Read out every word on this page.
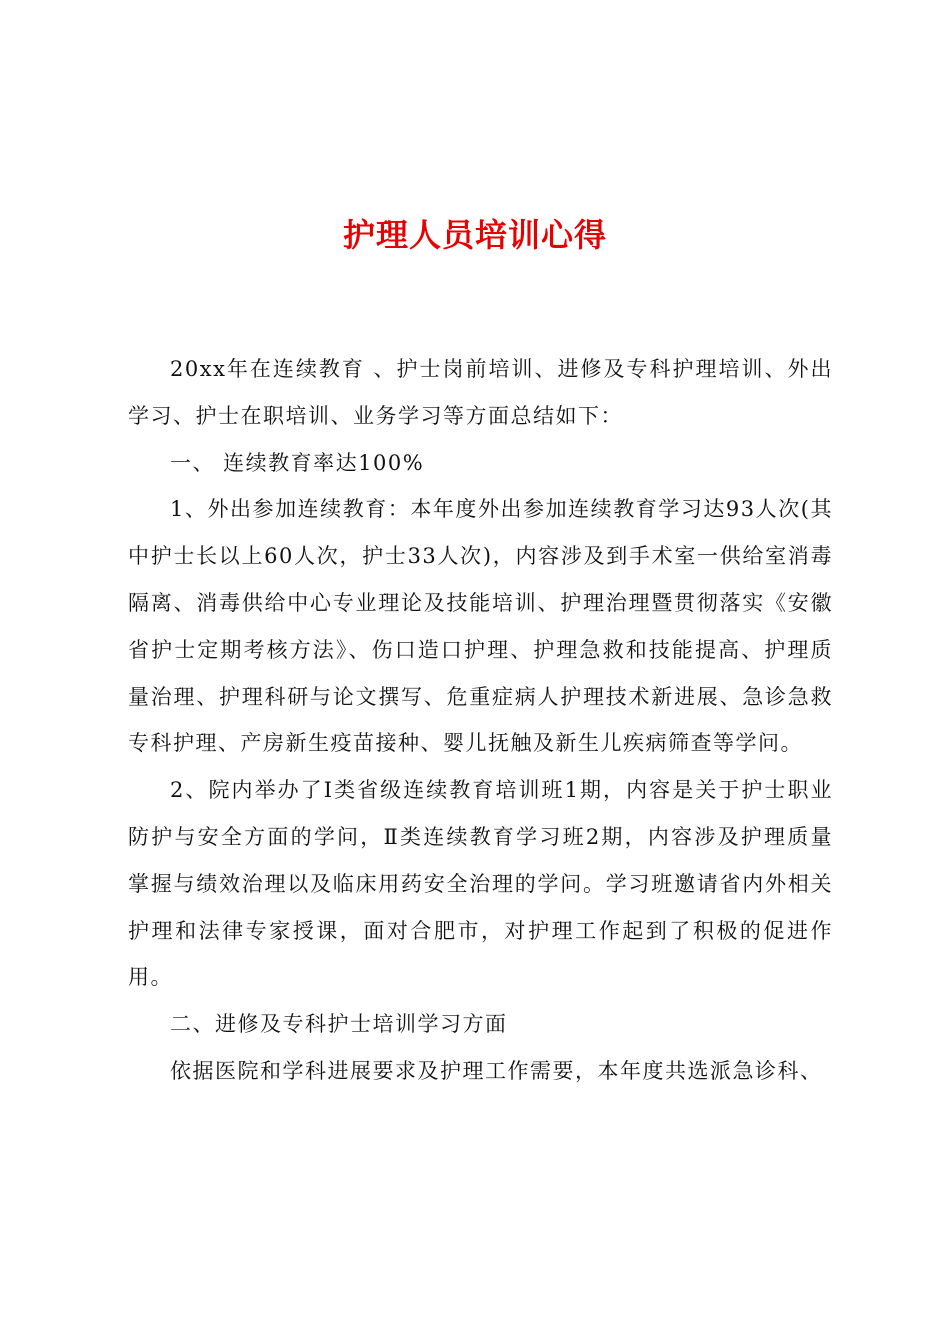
护理人员培训心得

20xx年在连续教育 、护士岗前培训、进修及专科护理培训、外出学习、护士在职培训、业务学习等方面总结如下：

一、 连续教育率达100%

1、外出参加连续教育：本年度外出参加连续教育学习达93人次(其中护士长以上60人次，护士33人次)，内容涉及到手术室一供给室消毒隔离、消毒供给中心专业理论及技能培训、护理治理暨贯彻落实《安徽省护士定期考核方法》、伤口造口护理、护理急救和技能提高、护理质量治理、护理科研与论文撰写、危重症病人护理技术新进展、急诊急救专科护理、产房新生疫苗接种、婴儿抚触及新生儿疾病筛查等学问。

2、院内举办了Ⅰ类省级连续教育培训班1期，内容是关于护士职业防护与安全方面的学问，Ⅱ类连续教育学习班2期，内容涉及护理质量掌握与绩效治理以及临床用药安全治理的学问。学习班邀请省内外相关护理和法律专家授课，面对合肥市，对护理工作起到了积极的促进作用。

二、进修及专科护士培训学习方面

依据医院和学科进展要求及护理工作需要，本年度共选派急诊科、
